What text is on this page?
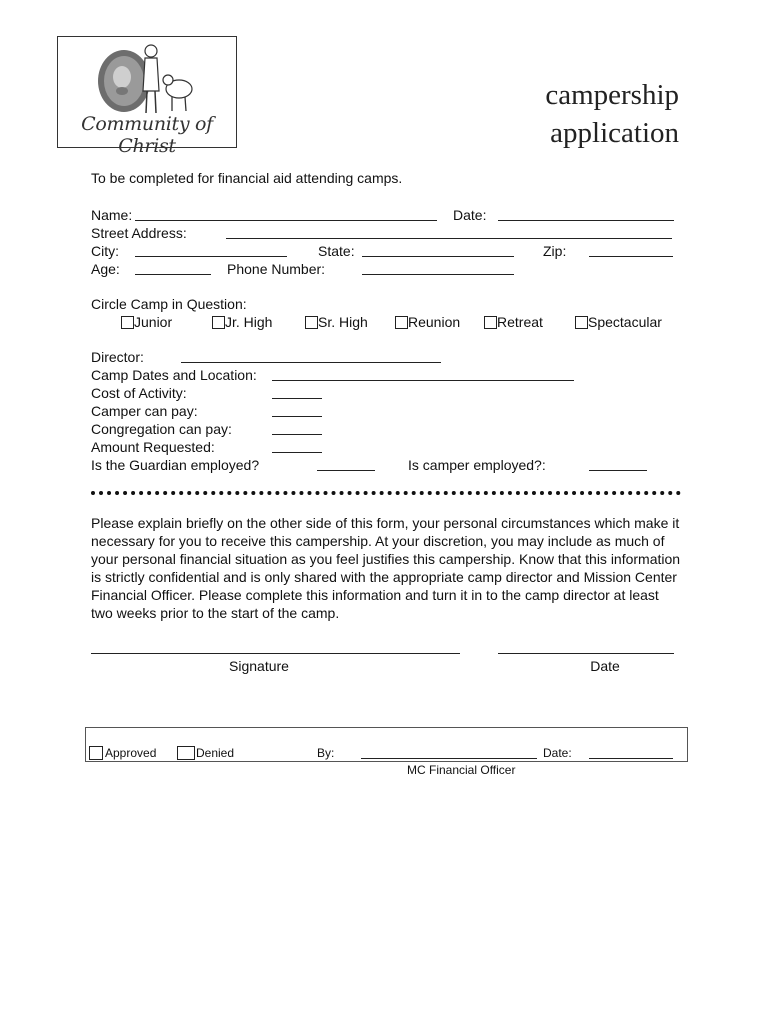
Community of Christ
campership
application
To be completed for financial aid attending camps.
Name:	Date:
Street Address:
City:	State:	Zip:
Age:	Phone Number:
Circle Camp in Question:
Junior	Jr. High	Sr. High	Reunion	Retreat	Spectacular
Director:
Camp Dates and Location:
Cost of Activity:
Camper can pay:
Congregation can pay:
Amount Requested:
Is the Guardian employed?	Is camper employed?:
Please explain briefly on the other side of this form, your personal circumstances which make it necessary for you to receive this campership. At your discretion, you may include as much of your personal financial situation as you feel justifies this campership. Know that this information is strictly confidential and is only shared with the appropriate camp director and Mission Center Financial Officer. Please complete this information and turn it in to the camp director at least two weeks prior to the start of the camp.
Signature	Date
Approved	Denied	By:	Date:
MC Financial Officer
